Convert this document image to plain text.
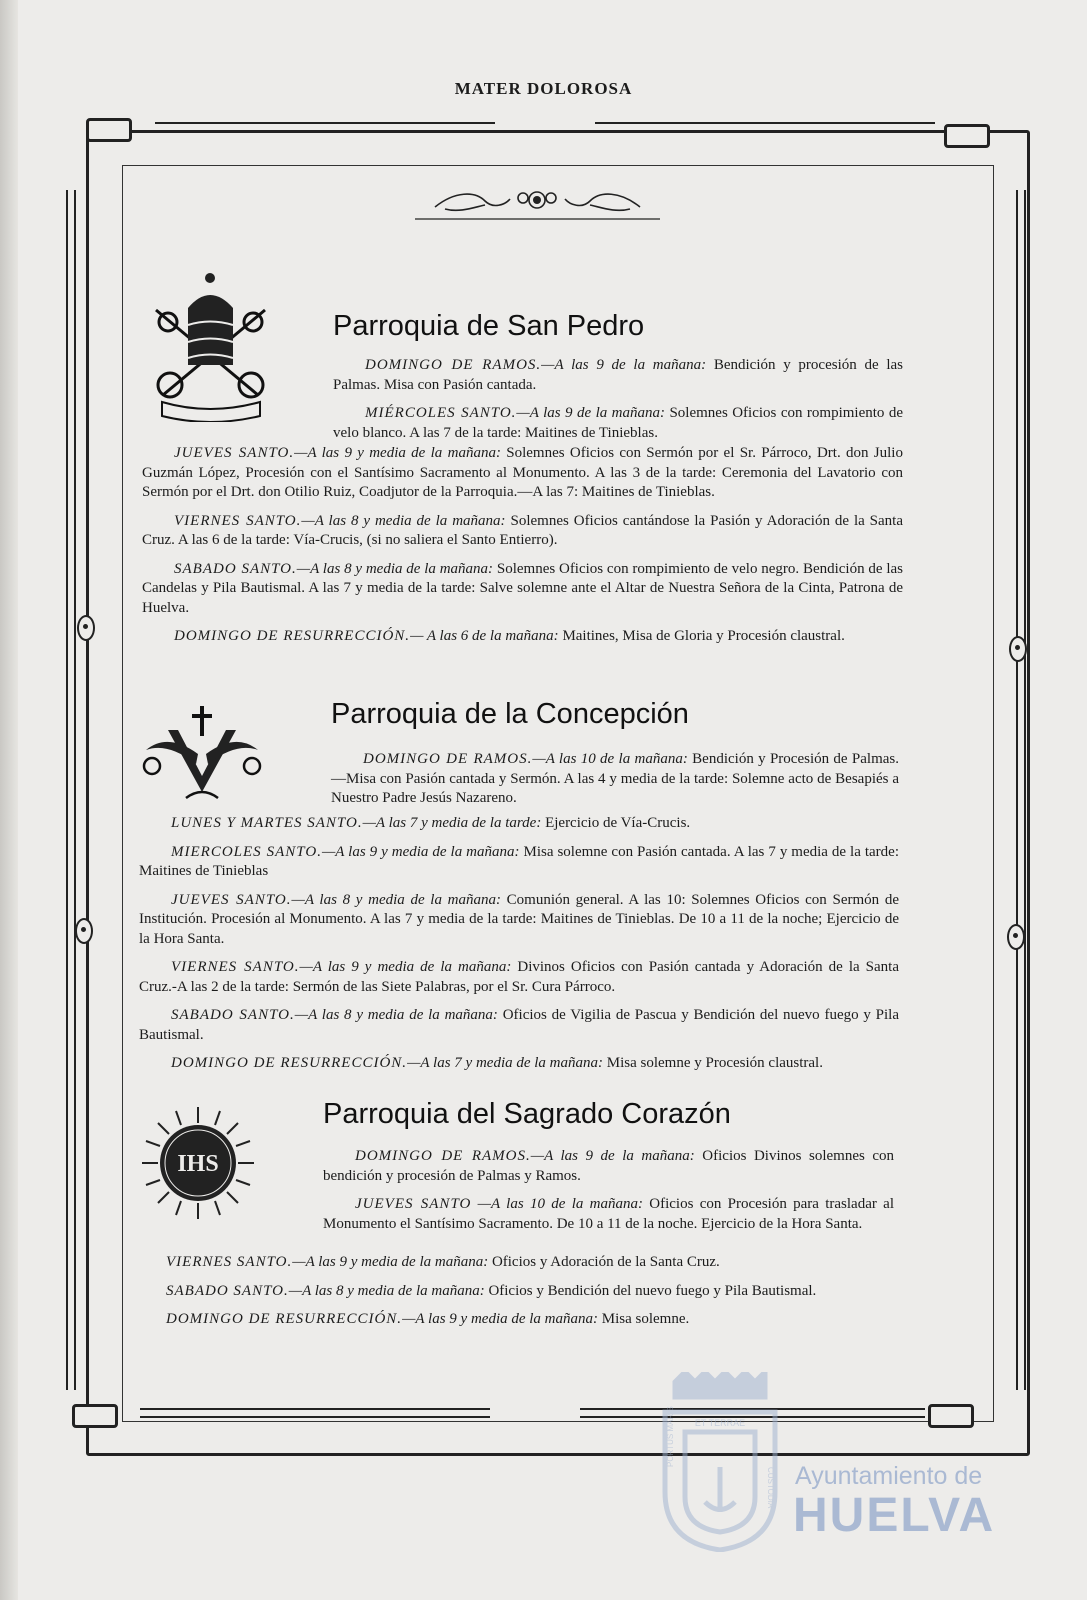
MATER DOLOROSA
Parroquia de San Pedro

DOMINGO DE RAMOS.—A las 9 de la mañana: Bendición y procesión de las Palmas. Misa con Pasión cantada.

MIÉRCOLES SANTO.—A las 9 de la mañana: Solemnes Oficios con rompimiento de velo blanco. A las 7 de la tarde: Maitines de Tinieblas.

JUEVES SANTO.—A las 9 y media de la mañana: Solemnes Oficios con Sermón por el Sr. Párroco, Drt. don Julio Guzmán López, Procesión con el Santísimo Sacramento al Monumento. A las 3 de la tarde: Ceremonia del Lavatorio con Sermón por el Drt. don Otilio Ruiz, Coadjutor de la Parroquia.—A las 7: Maitines de Tinieblas.

VIERNES SANTO.—A las 8 y media de la mañana: Solemnes Oficios cantándose la Pasión y Adoración de la Santa Cruz. A las 6 de la tarde: Vía-Crucis, (si no saliera el Santo Entierro).

SABADO SANTO.—A las 8 y media de la mañana: Solemnes Oficios con rompimiento de velo negro. Bendición de las Candelas y Pila Bautismal. A las 7 y media de la tarde: Salve solemne ante el Altar de Nuestra Señora de la Cinta, Patrona de Huelva.

DOMINGO DE RESURRECCIÓN.— A las 6 de la mañana: Maitines, Misa de Gloria y Procesión claustral.

Parroquia de la Concepción

DOMINGO DE RAMOS.—A las 10 de la mañana: Bendición y Procesión de Palmas.—Misa con Pasión cantada y Sermón. A las 4 y media de la tarde: Solemne acto de Besapiés a Nuestro Padre Jesús Nazareno.

LUNES Y MARTES SANTO.—A las 7 y media de la tarde: Ejercicio de Vía-Crucis.

MIERCOLES SANTO.—A las 9 y media de la mañana: Misa solemne con Pasión cantada. A las 7 y media de la tarde: Maitines de Tinieblas

JUEVES SANTO.—A las 8 y media de la mañana: Comunión general. A las 10: Solemnes Oficios con Sermón de Institución. Procesión al Monumento. A las 7 y media de la tarde: Maitines de Tinieblas. De 10 a 11 de la noche; Ejercicio de la Hora Santa.

VIERNES SANTO.—A las 9 y media de la mañana: Divinos Oficios con Pasión cantada y Adoración de la Santa Cruz.-A las 2 de la tarde: Sermón de las Siete Palabras, por el Sr. Cura Párroco.

SABADO SANTO.—A las 8 y media de la mañana: Oficios de Vigilia de Pascua y Bendición del nuevo fuego y Pila Bautismal.

DOMINGO DE RESURRECCIÓN.—A las 7 y media de la mañana: Misa solemne y Procesión claustral.

IHS
Parroquia del Sagrado Corazón

DOMINGO DE RAMOS.—A las 9 de la mañana: Oficios Divinos solemnes con bendición y procesión de Palmas y Ramos.

JUEVES SANTO —A las 10 de la mañana: Oficios con Procesión para trasladar al Monumento el Santísimo Sacramento. De 10 a 11 de la noche. Ejercicio de la Hora Santa.

VIERNES SANTO.—A las 9 y media de la mañana: Oficios y Adoración de la Santa Cruz.

SABADO SANTO.—A las 8 y media de la mañana: Oficios y Bendición del nuevo fuego y Pila Bautismal.

DOMINGO DE RESURRECCIÓN.—A las 9 y media de la mañana: Misa solemne.

ET TERRAE
PORTUS MARIS
CUSTODIA Ayuntamiento de
HUELVA
